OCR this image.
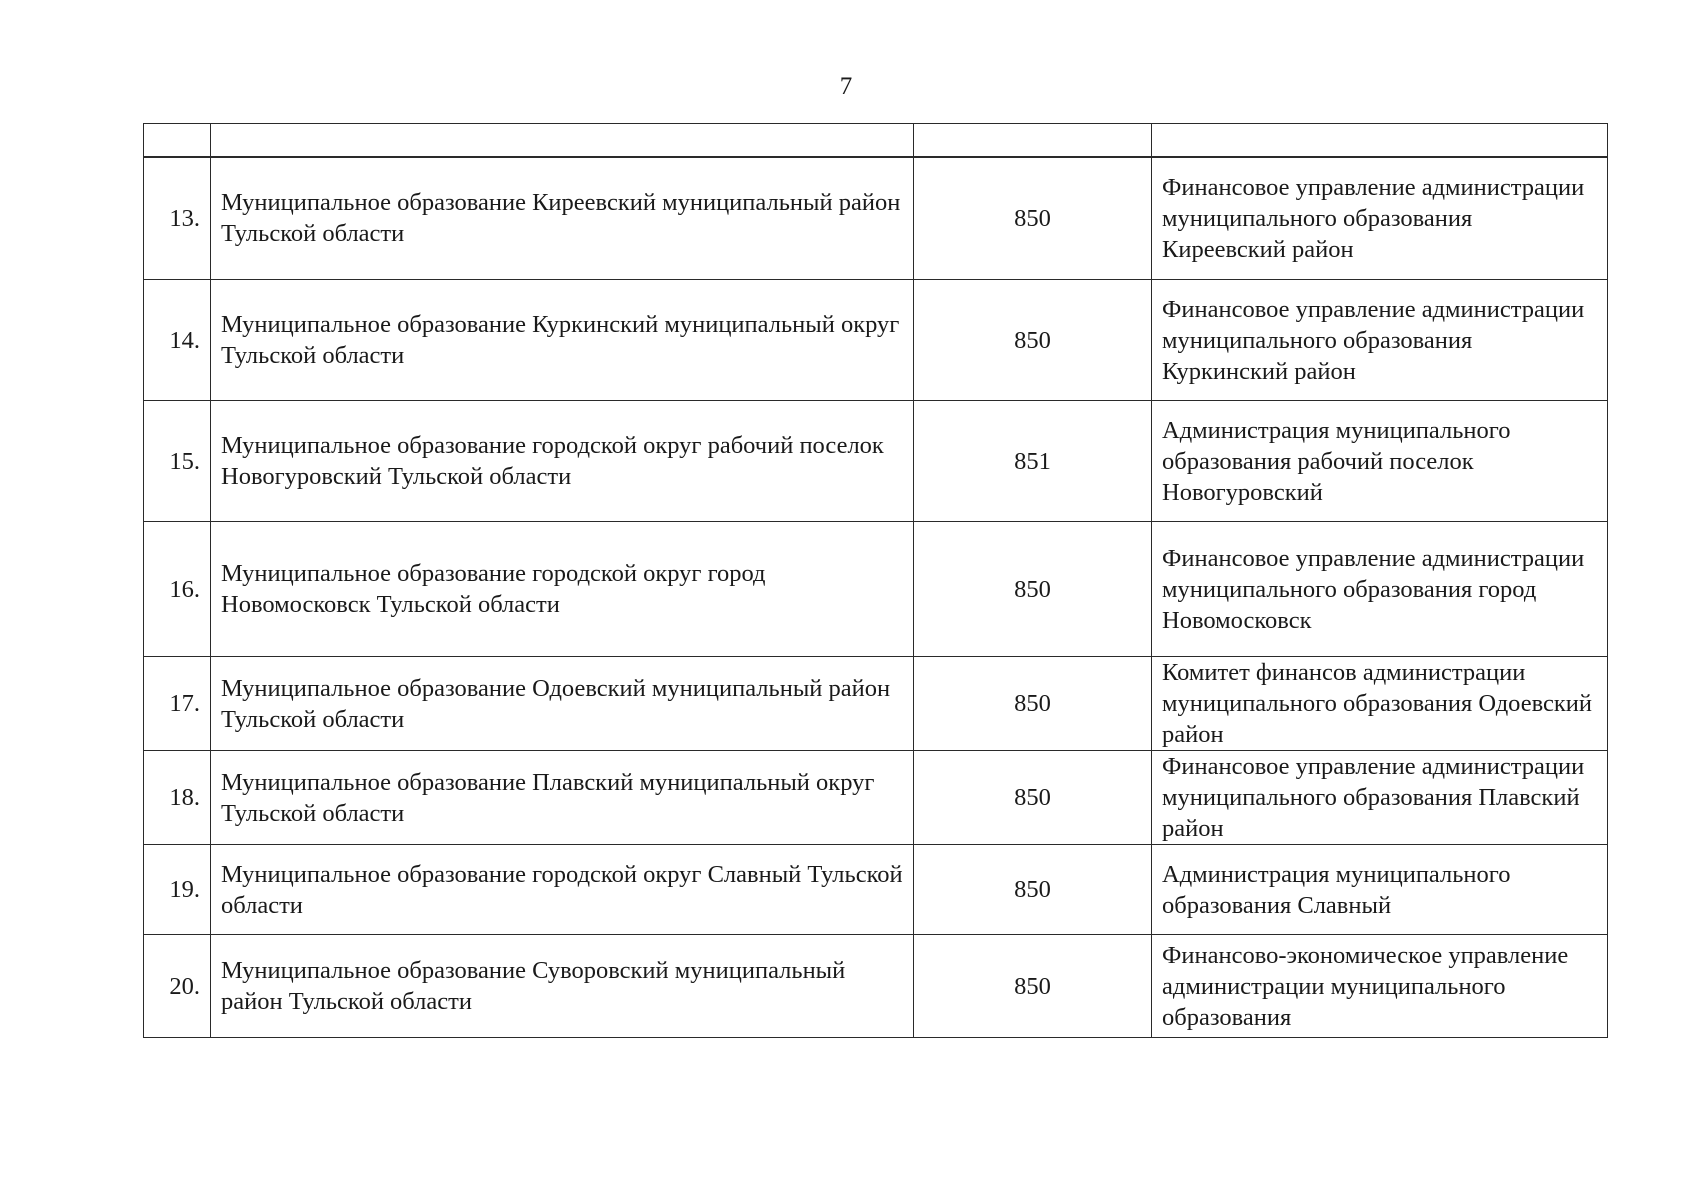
7

13.	Муниципальное образование Киреевский муниципальный район Тульской области	850	Финансовое управление администрации муниципального образования Киреевский район
14.	Муниципальное образование Куркинский муниципальный округ Тульской области	850	Финансовое управление администрации муниципального образования Куркинский район
15.	Муниципальное образование городской округ рабочий поселок Новогуровский Тульской области	851	Администрация муниципального образования рабочий поселок Новогуровский
16.	Муниципальное образование городской округ город Новомосковск Тульской области	850	Финансовое управление администрации муниципального образования город Новомосковск
17.	Муниципальное образование Одоевский муниципальный район Тульской области	850	Комитет финансов администрации муниципального образования Одоевский район
18.	Муниципальное образование Плавский муниципальный округ Тульской области	850	Финансовое управление администрации муниципального образования Плавский район
19.	Муниципальное образование городской округ Славный Тульской области	850	Администрация муниципального образования Славный
20.	Муниципальное образование Суворовский муниципальный район Тульской области	850	Финансово-экономическое управление администрации муниципального образования
